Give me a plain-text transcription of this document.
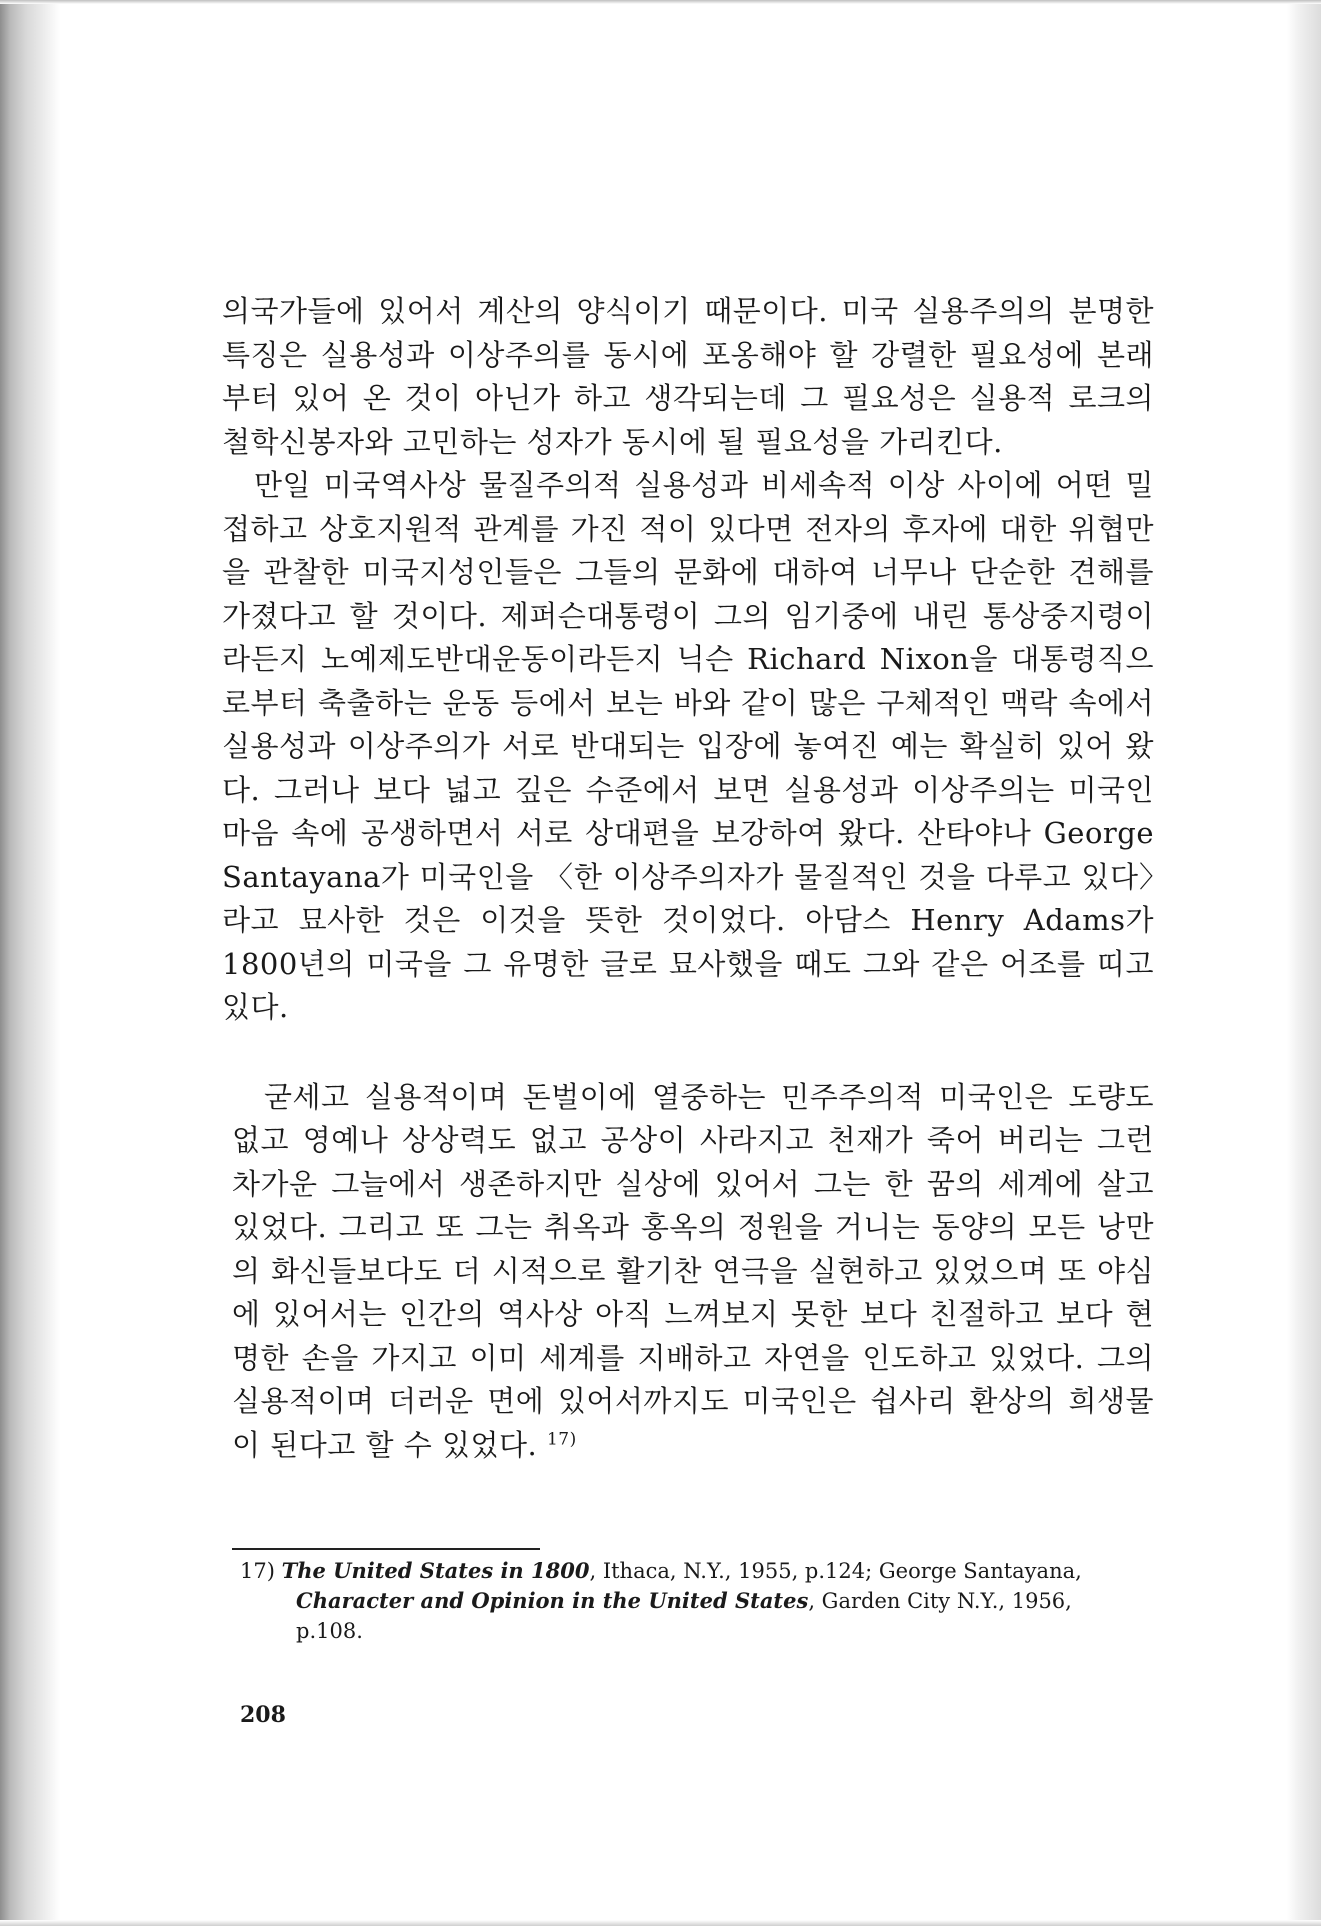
의국가들에 있어서 계산의 양식이기 때문이다. 미국 실용주의의 분명한 특징은 실용성과 이상주의를 동시에 포옹해야 할 강렬한 필요성에 본래부터 있어 온 것이 아닌가 하고 생각되는데 그 필요성은 실용적 로크의 철학신봉자와 고민하는 성자가 동시에 될 필요성을 가리킨다.

만일 미국역사상 물질주의적 실용성과 비세속적 이상 사이에 어떤 밀접하고 상호지원적 관계를 가진 적이 있다면 전자의 후자에 대한 위협만을 관찰한 미국지성인들은 그들의 문화에 대하여 너무나 단순한 견해를 가졌다고 할 것이다. 제퍼슨대통령이 그의 임기중에 내린 통상중지령이라든지 노예제도반대운동이라든지 닉슨 Richard Nixon을 대통령직으로부터 축출하는 운동 등에서 보는 바와 같이 많은 구체적인 맥락 속에서 실용성과 이상주의가 서로 반대되는 입장에 놓여진 예는 확실히 있어 왔다. 그러나 보다 넓고 깊은 수준에서 보면 실용성과 이상주의는 미국인 마음 속에 공생하면서 서로 상대편을 보강하여 왔다. 산타야나 George Santayana가 미국인을 〈한 이상주의자가 물질적인 것을 다루고 있다〉라고 묘사한 것은 이것을 뜻한 것이었다. 아담스 Henry Adams가 1800년의 미국을 그 유명한 글로 묘사했을 때도 그와 같은 어조를 띠고 있다.

굳세고 실용적이며 돈벌이에 열중하는 민주주의적 미국인은 도량도 없고 영예나 상상력도 없고 공상이 사라지고 천재가 죽어 버리는 그런 차가운 그늘에서 생존하지만 실상에 있어서 그는 한 꿈의 세계에 살고 있었다. 그리고 또 그는 취옥과 홍옥의 정원을 거니는 동양의 모든 낭만의 화신들보다도 더 시적으로 활기찬 연극을 실현하고 있었으며 또 야심에 있어서는 인간의 역사상 아직 느껴보지 못한 보다 친절하고 보다 현명한 손을 가지고 이미 세계를 지배하고 자연을 인도하고 있었다. 그의 실용적이며 더러운 면에 있어서까지도 미국인은 쉽사리 환상의 희생물이 된다고 할 수 있었다. $^{17)}$

17) The United States in 1800, Ithaca, N.Y., 1955, p.124; George Santayana,
Character and Opinion in the United States, Garden City N.Y., 1956,
p.108.
208
